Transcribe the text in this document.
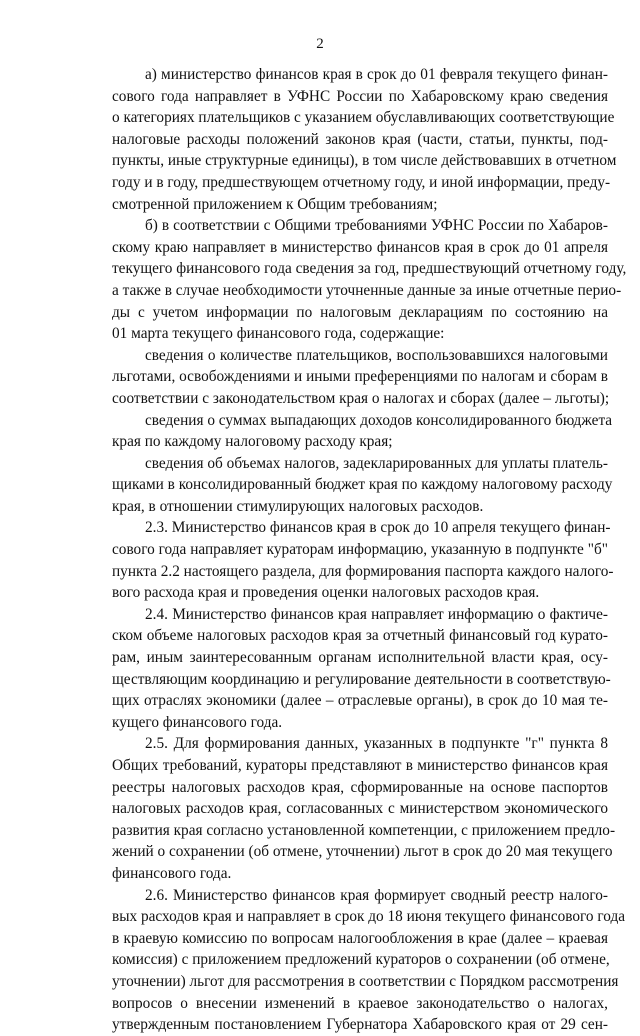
2
а) министерство финансов края в срок до 01 февраля текущего финан-
сового года направляет в УФНС России по Хабаровскому краю сведения
о категориях плательщиков с указанием обуславливающих соответствующие
налоговые расходы положений законов края (части, статьи, пункты, под-
пункты, иные структурные единицы), в том числе действовавших в отчетном
году и в году, предшествующем отчетному году, и иной информации, преду-
смотренной приложением к Общим требованиям;
б) в соответствии с Общими требованиями УФНС России по Хабаров-
скому краю направляет в министерство финансов края в срок до 01 апреля
текущего финансового года сведения за год, предшествующий отчетному году,
а также в случае необходимости уточненные данные за иные отчетные перио-
ды с учетом информации по налоговым декларациям по состоянию на
01 марта текущего финансового года, содержащие:
сведения о количестве плательщиков, воспользовавшихся налоговыми
льготами, освобождениями и иными преференциями по налогам и сборам в
соответствии с законодательством края о налогах и сборах (далее – льготы);
сведения о суммах выпадающих доходов консолидированного бюджета
края по каждому налоговому расходу края;
сведения об объемах налогов, задекларированных для уплаты платель-
щиками в консолидированный бюджет края по каждому налоговому расходу
края, в отношении стимулирующих налоговых расходов.
2.3. Министерство финансов края в срок до 10 апреля текущего финан-
сового года направляет кураторам информацию, указанную в подпункте "б"
пункта 2.2 настоящего раздела, для формирования паспорта каждого налого-
вого расхода края и проведения оценки налоговых расходов края.
2.4. Министерство финансов края направляет информацию о фактиче-
ском объеме налоговых расходов края за отчетный финансовый год курато-
рам, иным заинтересованным органам исполнительной власти края, осу-
ществляющим координацию и регулирование деятельности в соответствую-
щих отраслях экономики (далее – отраслевые органы), в срок до 10 мая те-
кущего финансового года.
2.5. Для формирования данных, указанных в подпункте "г" пункта 8
Общих требований, кураторы представляют в министерство финансов края
реестры налоговых расходов края, сформированные на основе паспортов
налоговых расходов края, согласованных с министерством экономического
развития края согласно установленной компетенции, с приложением предло-
жений о сохранении (об отмене, уточнении) льгот в срок до 20 мая текущего
финансового года.
2.6. Министерство финансов края формирует сводный реестр налого-
вых расходов края и направляет в срок до 18 июня текущего финансового года
в краевую комиссию по вопросам налогообложения в крае (далее – краевая
комиссия) с приложением предложений кураторов о сохранении (об отмене,
уточнении) льгот для рассмотрения в соответствии с Порядком рассмотрения
вопросов о внесении изменений в краевое законодательство о налогах,
утвержденным постановлением Губернатора Хабаровского края от 29 сен-
